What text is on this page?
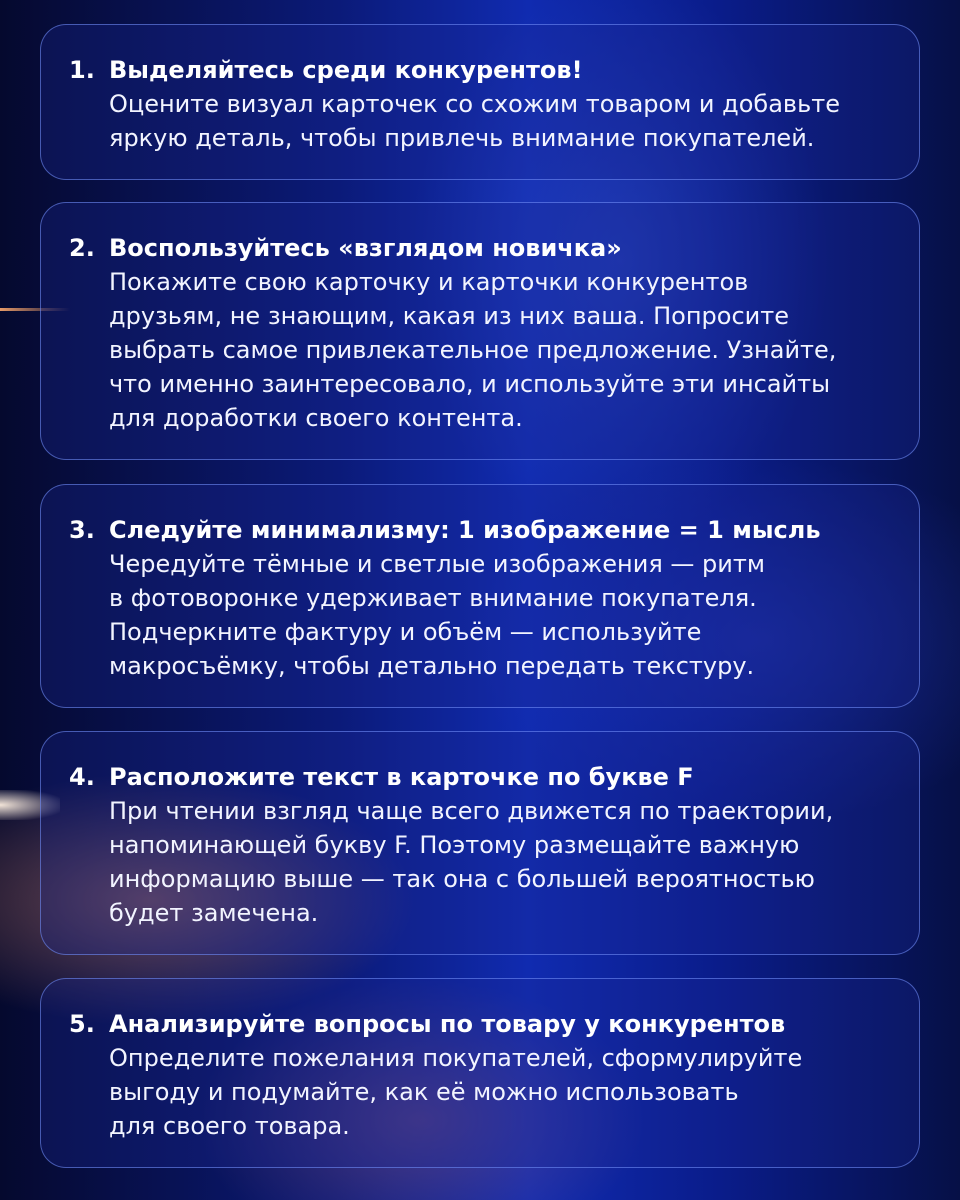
1. Выделяйтесь среди конкурентов!
Оцените визуал карточек со схожим товаром и добавьте
яркую деталь, чтобы привлечь внимание покупателей.
2. Воспользуйтесь «взглядом новичка»
Покажите свою карточку и карточки конкурентов
друзьям, не знающим, какая из них ваша. Попросите
выбрать самое привлекательное предложение. Узнайте,
что именно заинтересовало, и используйте эти инсайты
для доработки своего контента.
3. Следуйте минимализму: 1 изображение = 1 мысль
Чередуйте тёмные и светлые изображения — ритм
в фотоворонке удерживает внимание покупателя.
Подчеркните фактуру и объём — используйте
макросъёмку, чтобы детально передать текстуру.
4. Расположите текст в карточке по букве F
При чтении взгляд чаще всего движется по траектории,
напоминающей букву F. Поэтому размещайте важную
информацию выше — так она с большей вероятностью
будет замечена.
5. Анализируйте вопросы по товару у конкурентов
Определите пожелания покупателей, сформулируйте
выгоду и подумайте, как её можно использовать
для своего товара.
